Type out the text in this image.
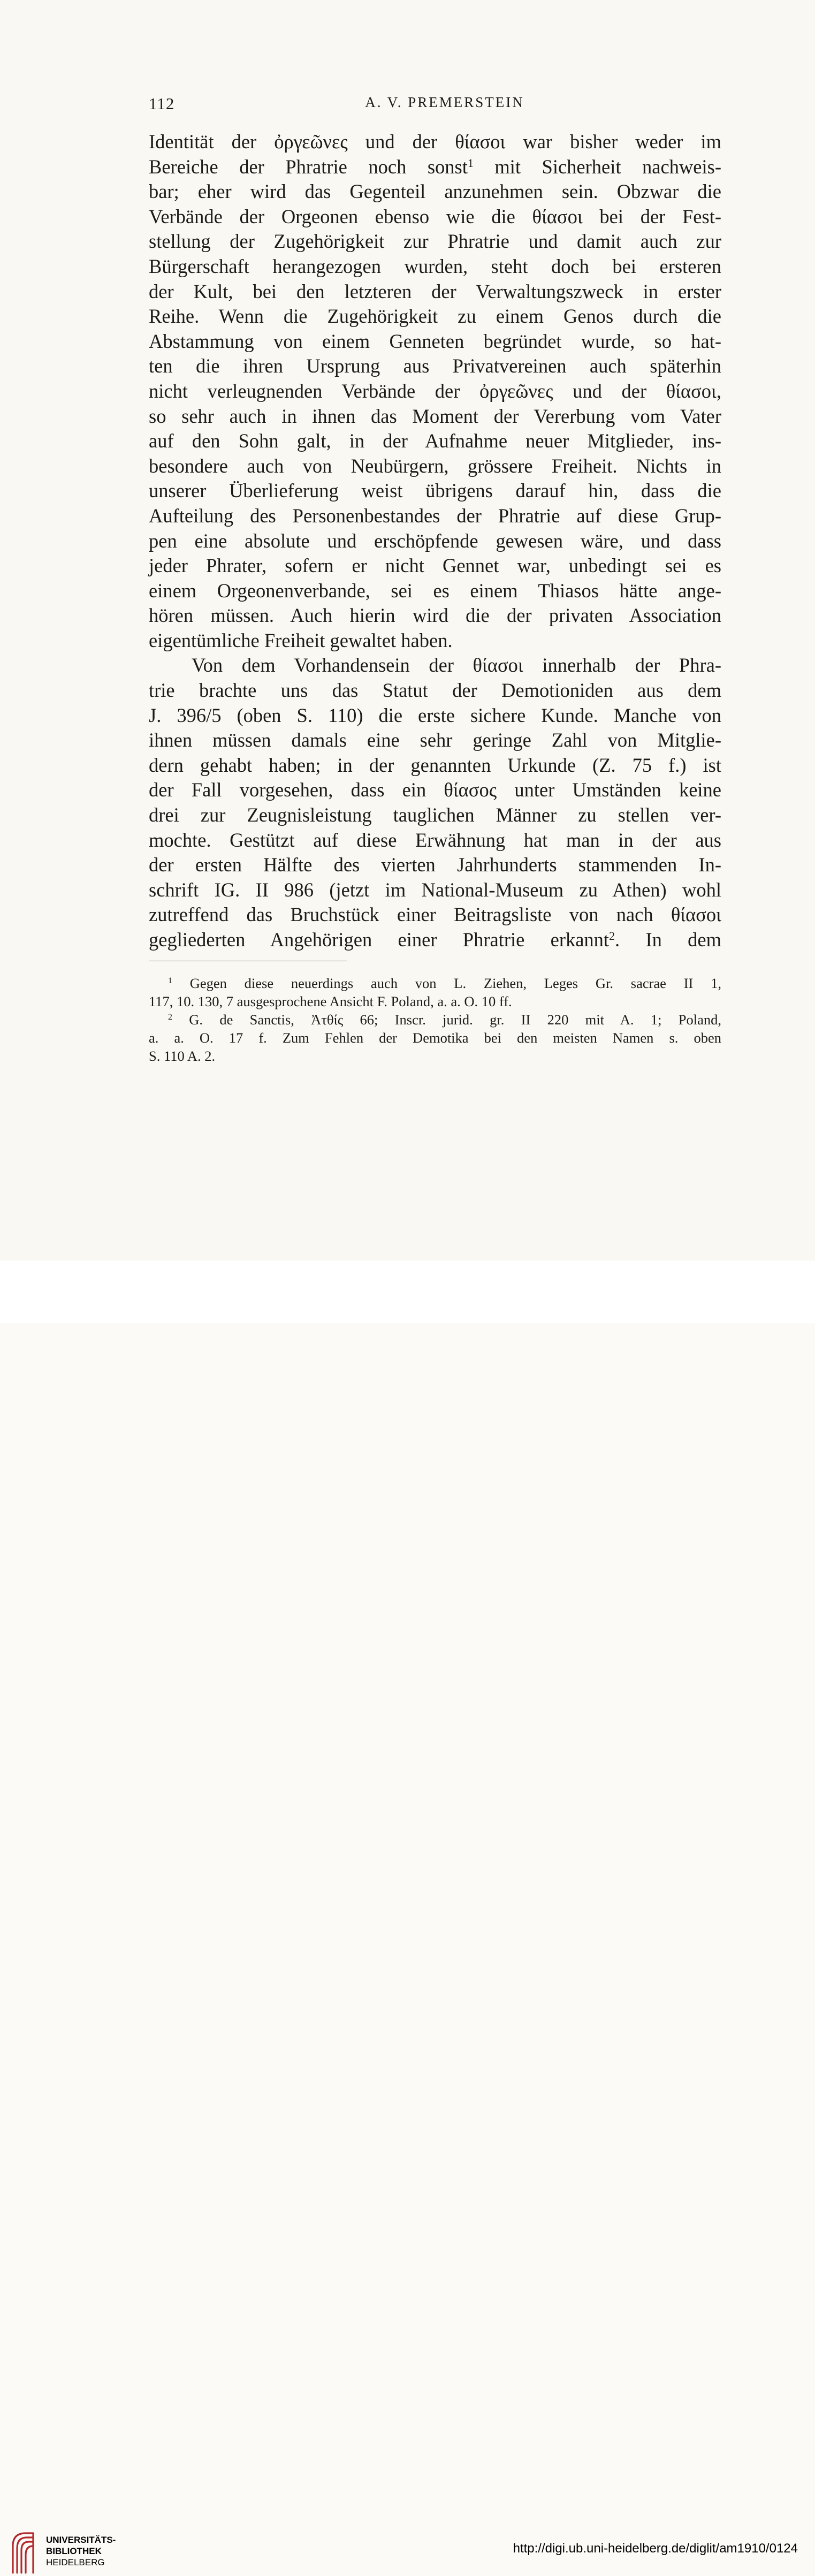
112	A. V. PREMERSTEIN
Identität der ὀργεῶνες und der θίασοι war bisher weder im
Bereiche der Phratrie noch sonst$^1$ mit Sicherheit nachweis-
bar; eher wird das Gegenteil anzunehmen sein. Obzwar die
Verbände der Orgeonen ebenso wie die θίασοι bei der Fest-
stellung der Zugehörigkeit zur Phratrie und damit auch zur
Bürgerschaft herangezogen wurden, steht doch bei ersteren
der Kult, bei den letzteren der Verwaltungszweck in erster
Reihe. Wenn die Zugehörigkeit zu einem Genos durch die
Abstammung von einem Genneten begründet wurde, so hat-
ten die ihren Ursprung aus Privatvereinen auch späterhin
nicht verleugnenden Verbände der ὀργεῶνες und der θίασοι,
so sehr auch in ihnen das Moment der Vererbung vom Vater
auf den Sohn galt, in der Aufnahme neuer Mitglieder, ins-
besondere auch von Neubürgern, grössere Freiheit. Nichts in
unserer Überlieferung weist übrigens darauf hin, dass die
Aufteilung des Personenbestandes der Phratrie auf diese Grup-
pen eine absolute und erschöpfende gewesen wäre, und dass
jeder Phrater, sofern er nicht Gennet war, unbedingt sei es
einem Orgeonenverbande, sei es einem Thiasos hätte ange-
hören müssen. Auch hierin wird die der privaten Association
eigentümliche Freiheit gewaltet haben.
Von dem Vorhandensein der θίασοι innerhalb der Phra-
trie brachte uns das Statut der Demotioniden aus dem
J. 396/5 (oben S. 110) die erste sichere Kunde. Manche von
ihnen müssen damals eine sehr geringe Zahl von Mitglie-
dern gehabt haben; in der genannten Urkunde (Z. 75 f.) ist
der Fall vorgesehen, dass ein θίασος unter Umständen keine
drei zur Zeugnisleistung tauglichen Männer zu stellen ver-
mochte. Gestützt auf diese Erwähnung hat man in der aus
der ersten Hälfte des vierten Jahrhunderts stammenden In-
schrift IG. II 986 (jetzt im National-Museum zu Athen) wohl
zutreffend das Bruchstück einer Beitragsliste von nach θίασοι
gegliederten Angehörigen einer Phratrie erkannt$^2$. In dem
$^1$ Gegen diese neuerdings auch von L. Ziehen, Leges Gr. sacrae II 1,
117, 10. 130, 7 ausgesprochene Ansicht F. Poland, a. a. O. 10 ff.
$^2$ G. de Sanctis, Ἀτθίς 66; Inscr. jurid. gr. II 220 mit A. 1; Poland,
a. a. O. 17 f. Zum Fehlen der Demotika bei den meisten Namen s. oben
S. 110 A. 2.
UNIVERSITÄTS-
BIBLIOTHEK
HEIDELBERG
http://digi.ub.uni-heidelberg.de/diglit/am1910/0124
